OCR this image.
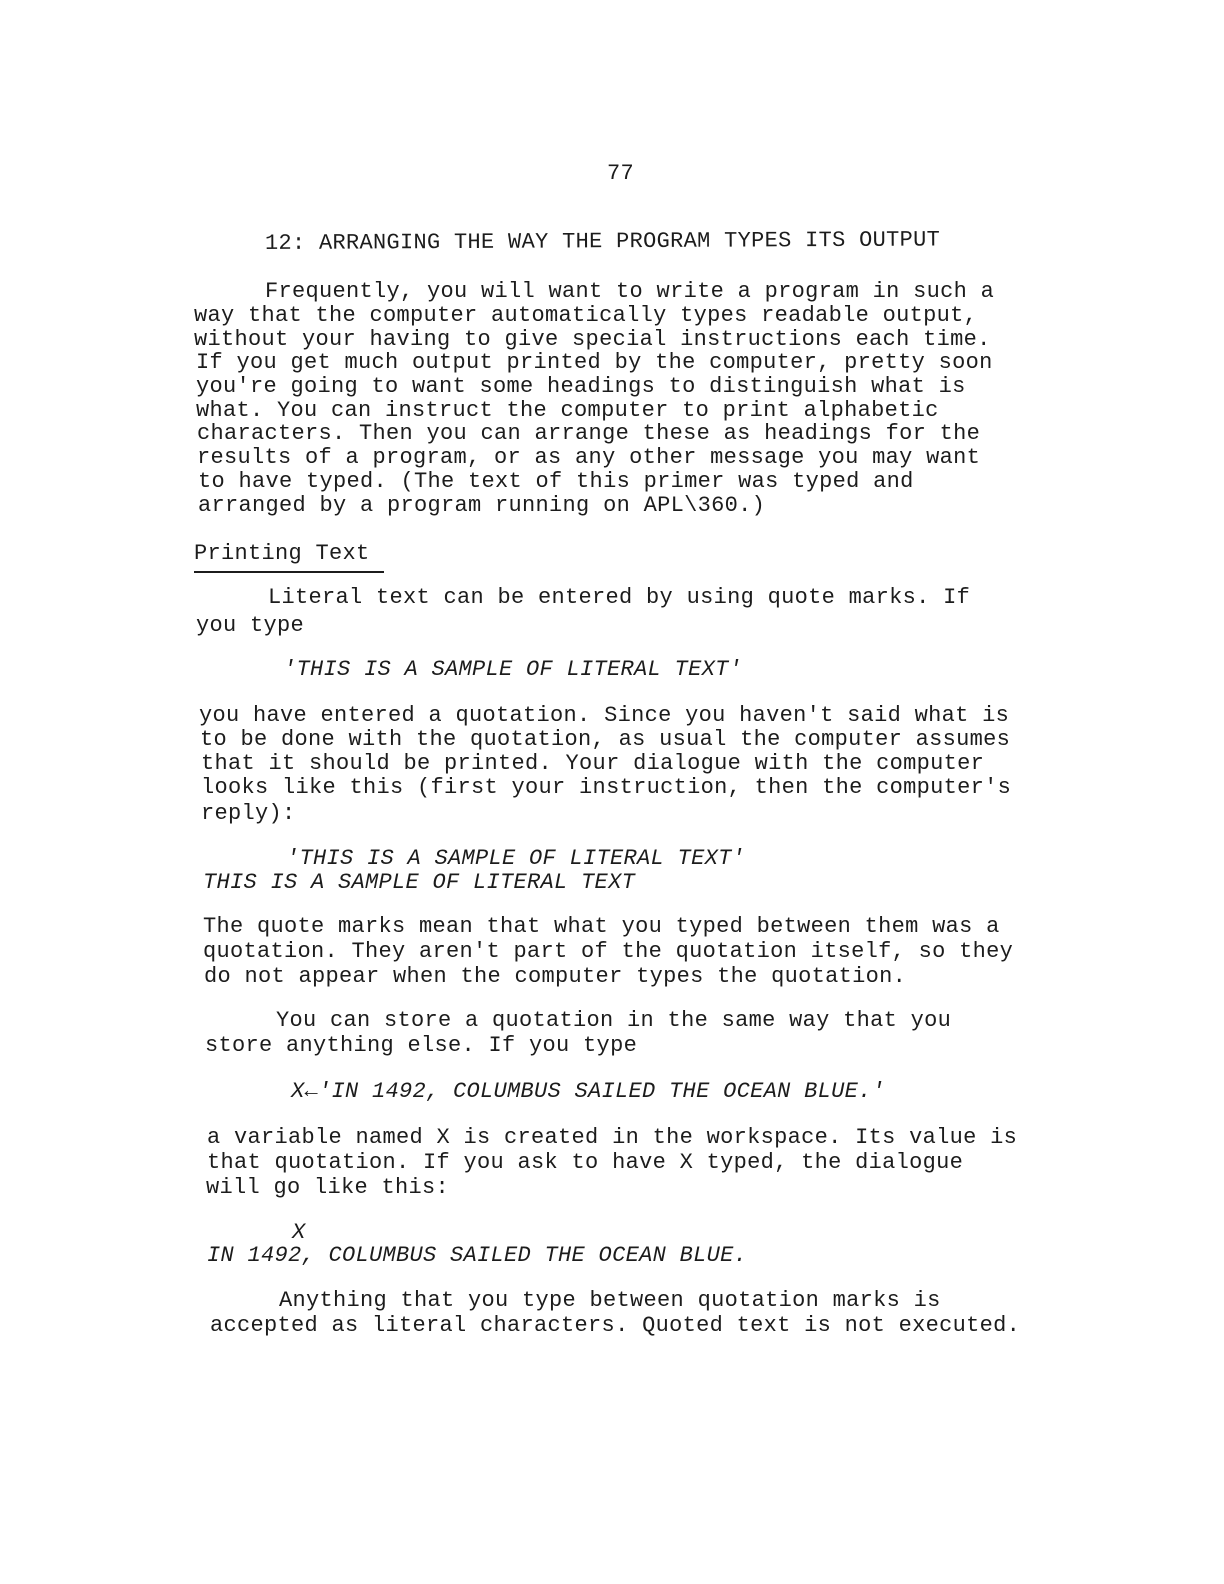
77
12: ARRANGING THE WAY THE PROGRAM TYPES ITS OUTPUT
Frequently, you will want to write a program in such a
way that the computer automatically types readable output,
without your having to give special instructions each time.
If you get much output printed by the computer, pretty soon
you're going to want some headings to distinguish what is
what. You can instruct the computer to print alphabetic
characters. Then you can arrange these as headings for the
results of a program, or as any other message you may want
to have typed. (The text of this primer was typed and
arranged by a program running on APL\360.)
Printing Text
Literal text can be entered by using quote marks. If
you type
'THIS IS A SAMPLE OF LITERAL TEXT'
you have entered a quotation. Since you haven't said what is
to be done with the quotation, as usual the computer assumes
that it should be printed. Your dialogue with the computer
looks like this (first your instruction, then the computer's
reply):
'THIS IS A SAMPLE OF LITERAL TEXT'
THIS IS A SAMPLE OF LITERAL TEXT
The quote marks mean that what you typed between them was a
quotation. They aren't part of the quotation itself, so they
do not appear when the computer types the quotation.
You can store a quotation in the same way that you
store anything else. If you type
X←'IN 1492, COLUMBUS SAILED THE OCEAN BLUE.'
a variable named X is created in the workspace. Its value is
that quotation. If you ask to have X typed, the dialogue
will go like this:
X
IN 1492, COLUMBUS SAILED THE OCEAN BLUE.
Anything that you type between quotation marks is
accepted as literal characters. Quoted text is not executed.
